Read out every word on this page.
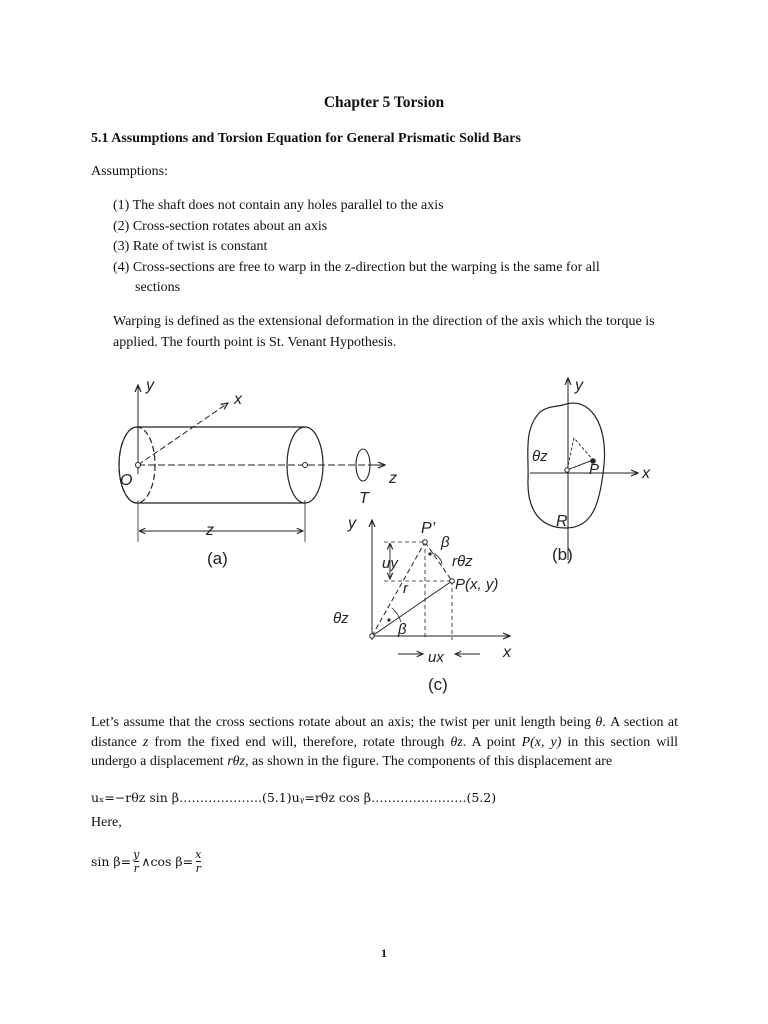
Chapter 5 Torsion
5.1 Assumptions and Torsion Equation for General Prismatic Solid Bars
Assumptions:
(1) The shaft does not contain any holes parallel to the axis
(2) Cross-section rotates about an axis
(3) Rate of twist is constant
(4) Cross-sections are free to warp in the z-direction but the warping is the same for all
sections
Warping is defined as the extensional deformation in the direction of the axis which the torque is applied. The fourth point is St. Venant Hypothesis.
y
x
O
z
z
T
(a)
y
x
θz
P
R
(b)
y
x
P’
β
rθz
uy
P(x, y)
r
θz
β
ux
(c)
Let’s assume that the cross sections rotate about an axis; the twist per unit length being θ. A section at distance z from the fixed end will, therefore, rotate through θz. A point P(x, y) in this section will undergo a displacement rθz, as shown in the figure. The components of this displacement are
uₓ=−rθz sin β………………..(5.1)uᵧ=rθz cos β…………………..(5.2)
Here,
$\sin \beta= \frac{y}{r}$ ∧cos $\beta= \frac{x}{r}$
1
